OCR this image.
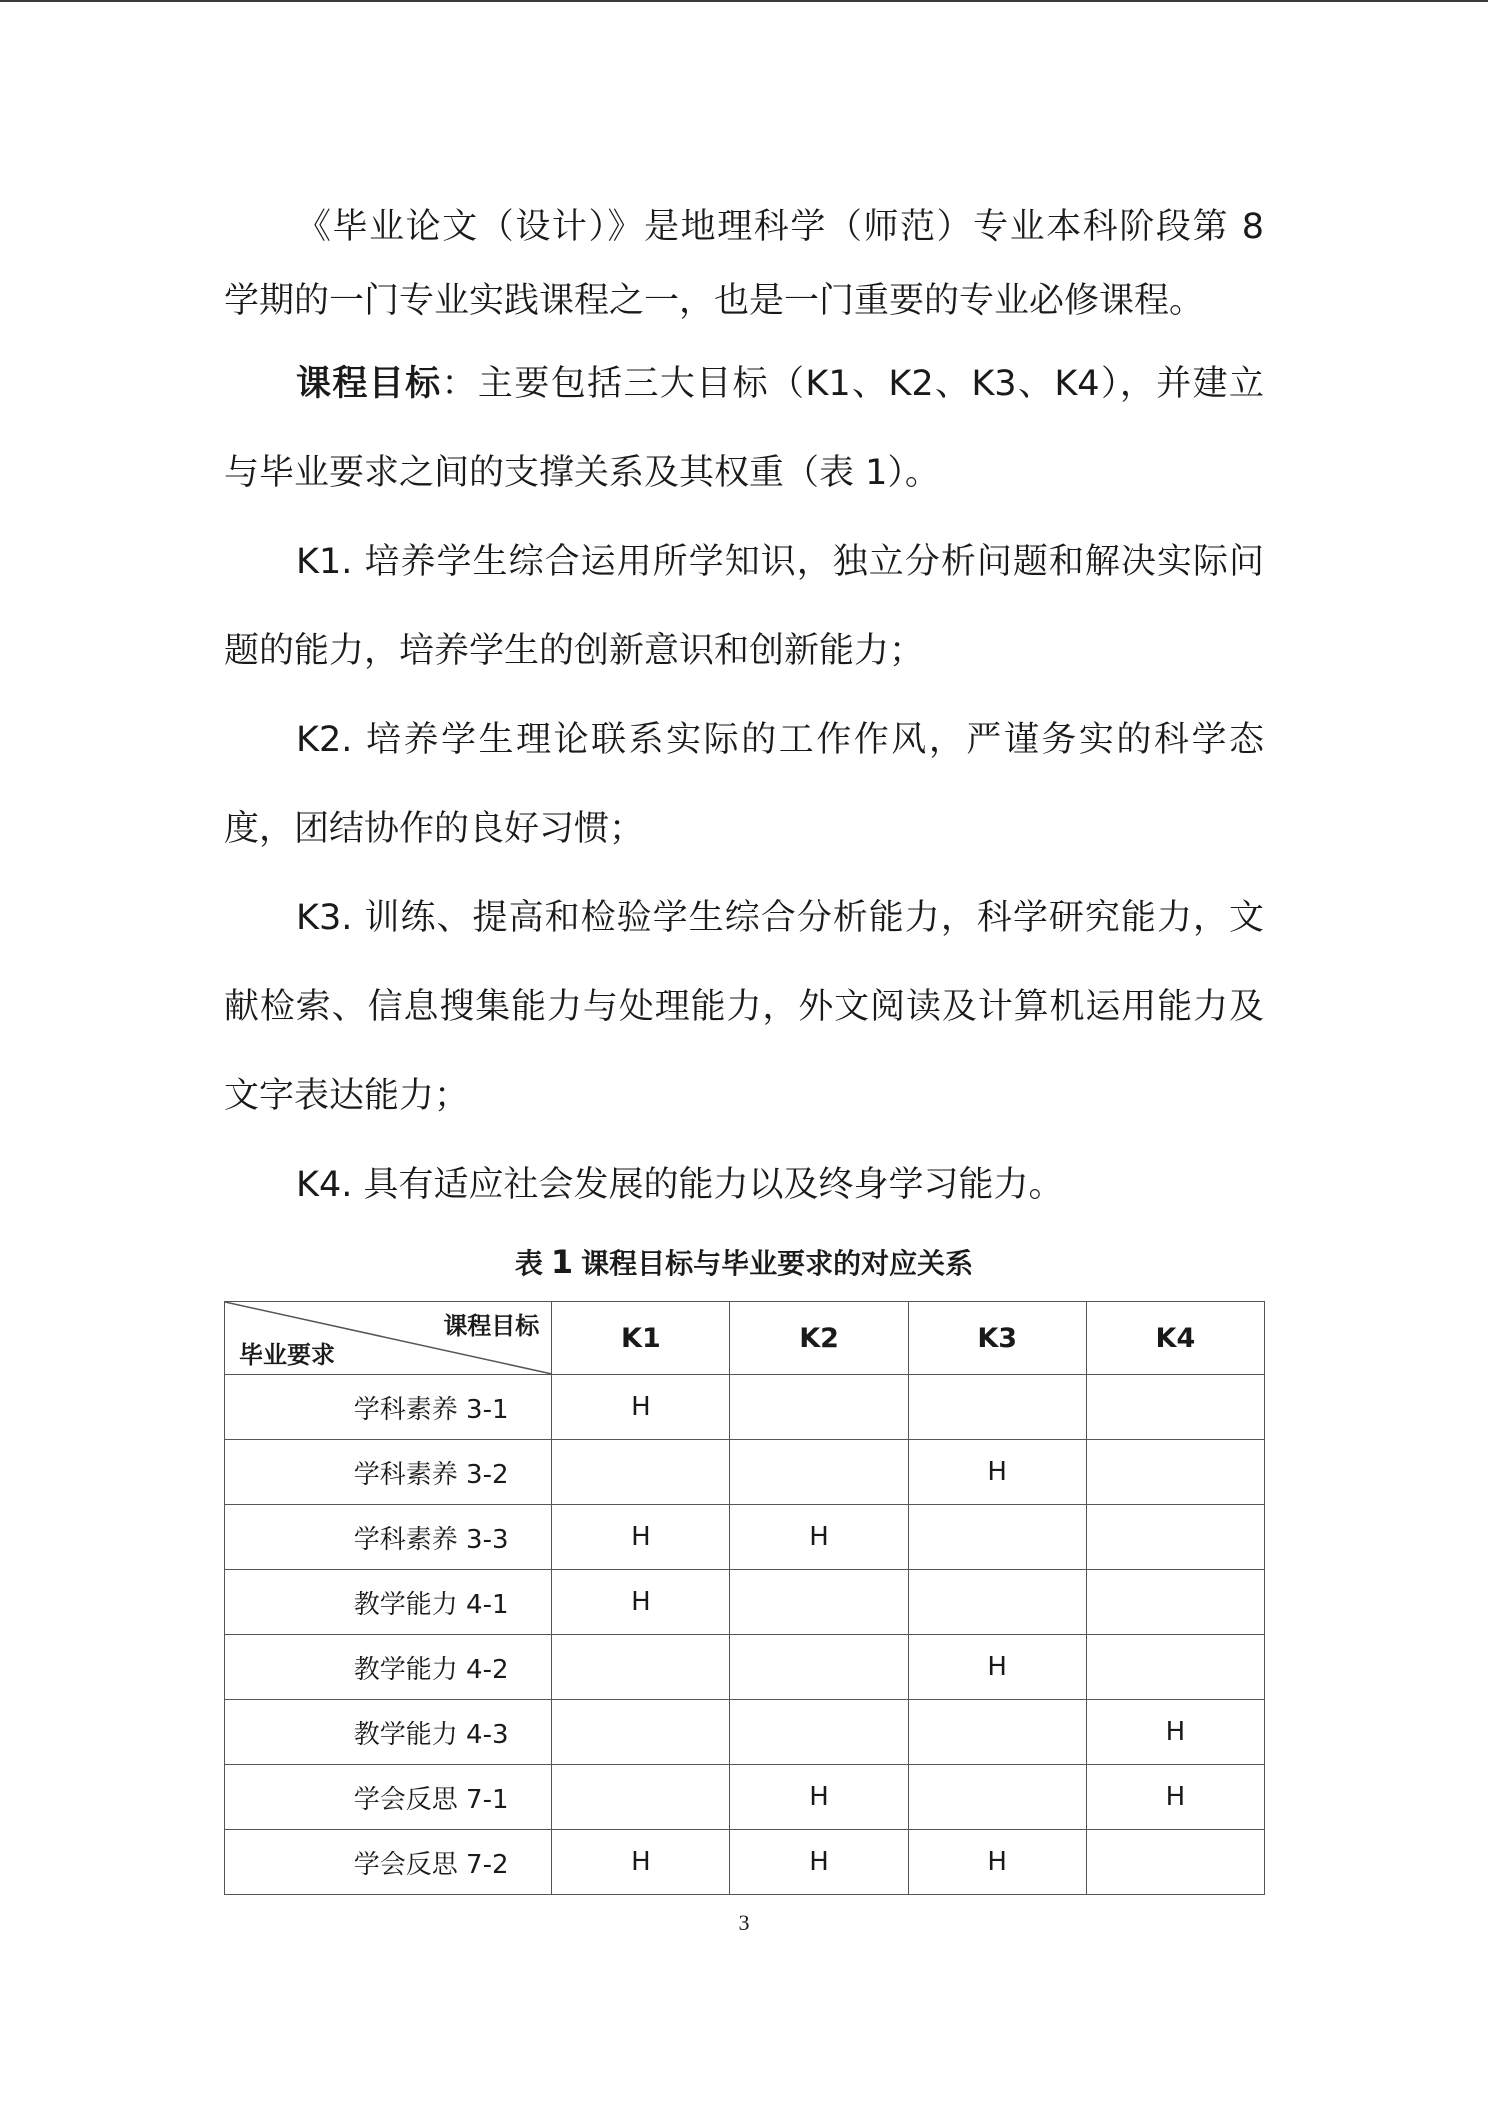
《毕业论文（设计）》是地理科学（师范）专业本科阶段第 8 学期的一门专业实践课程之一，也是一门重要的专业必修课程。

课程目标：主要包括三大目标（K1、K2、K3、K4），并建立与毕业要求之间的支撑关系及其权重（表 1）。

K1. 培养学生综合运用所学知识，独立分析问题和解决实际问题的能力，培养学生的创新意识和创新能力；

K2. 培养学生理论联系实际的工作作风，严谨务实的科学态度，团结协作的良好习惯；

K3. 训练、提高和检验学生综合分析能力，科学研究能力，文献检索、信息搜集能力与处理能力，外文阅读及计算机运用能力及文字表达能力；

K4. 具有适应社会发展的能力以及终身学习能力。

表 1 课程目标与毕业要求的对应关系
课程目标
毕业要求	K1	K2	K3	K4
学科素养 3-1	H			
学科素养 3-2			H	
学科素养 3-3	H	H		
教学能力 4-1	H			
教学能力 4-2			H	
教学能力 4-3				H
学会反思 7-1		H		H
学会反思 7-2	H	H	H	
3
